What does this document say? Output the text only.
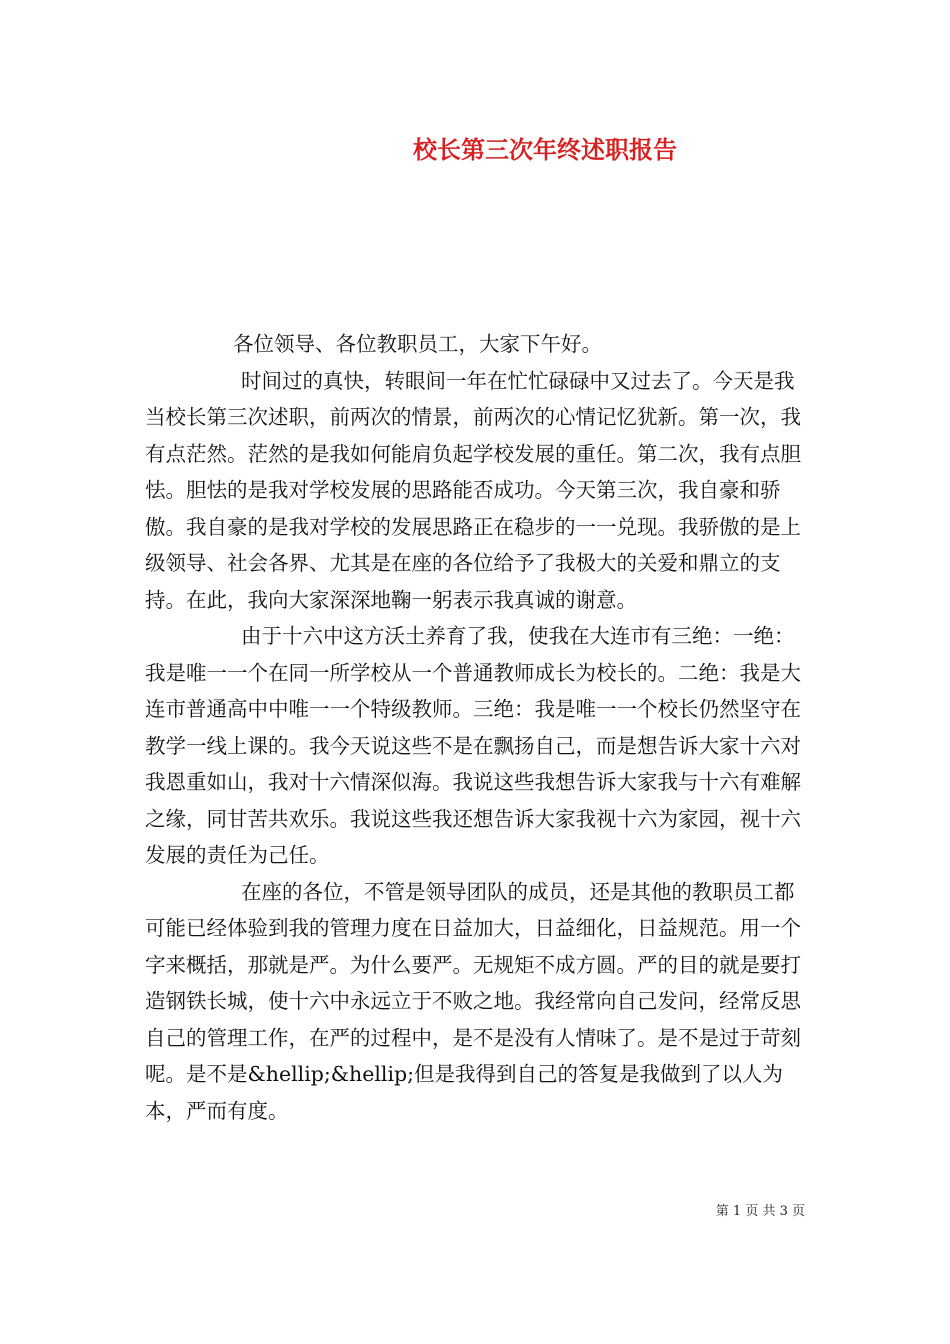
校长第三次年终述职报告

各位领导、各位教职员工，大家下午好。

时间过的真快，转眼间一年在忙忙碌碌中又过去了。今天是我当校长第三次述职，前两次的情景，前两次的心情记忆犹新。第一次，我有点茫然。茫然的是我如何能肩负起学校发展的重任。第二次，我有点胆怯。胆怯的是我对学校发展的思路能否成功。今天第三次，我自豪和骄傲。我自豪的是我对学校的发展思路正在稳步的一一兑现。我骄傲的是上级领导、社会各界、尤其是在座的各位给予了我极大的关爱和鼎立的支持。在此，我向大家深深地鞠一躬表示我真诚的谢意。

由于十六中这方沃土养育了我，使我在大连市有三绝：一绝：我是唯一一个在同一所学校从一个普通教师成长为校长的。二绝：我是大连市普通高中中唯一一个特级教师。三绝：我是唯一一个校长仍然坚守在教学一线上课的。我今天说这些不是在飘扬自己，而是想告诉大家十六对我恩重如山，我对十六情深似海。我说这些我想告诉大家我与十六有难解之缘，同甘苦共欢乐。我说这些我还想告诉大家我视十六为家园，视十六发展的责任为己任。

在座的各位，不管是领导团队的成员，还是其他的教职员工都可能已经体验到我的管理力度在日益加大，日益细化，日益规范。用一个字来概括，那就是严。为什么要严。无规矩不成方圆。严的目的就是要打造钢铁长城，使十六中永远立于不败之地。我经常向自己发问，经常反思自己的管理工作，在严的过程中，是不是没有人情味了。是不是过于苛刻呢。是不是&hellip;&hellip;但是我得到自己的答复是我做到了以人为本，严而有度。

第 1 页 共 3 页
